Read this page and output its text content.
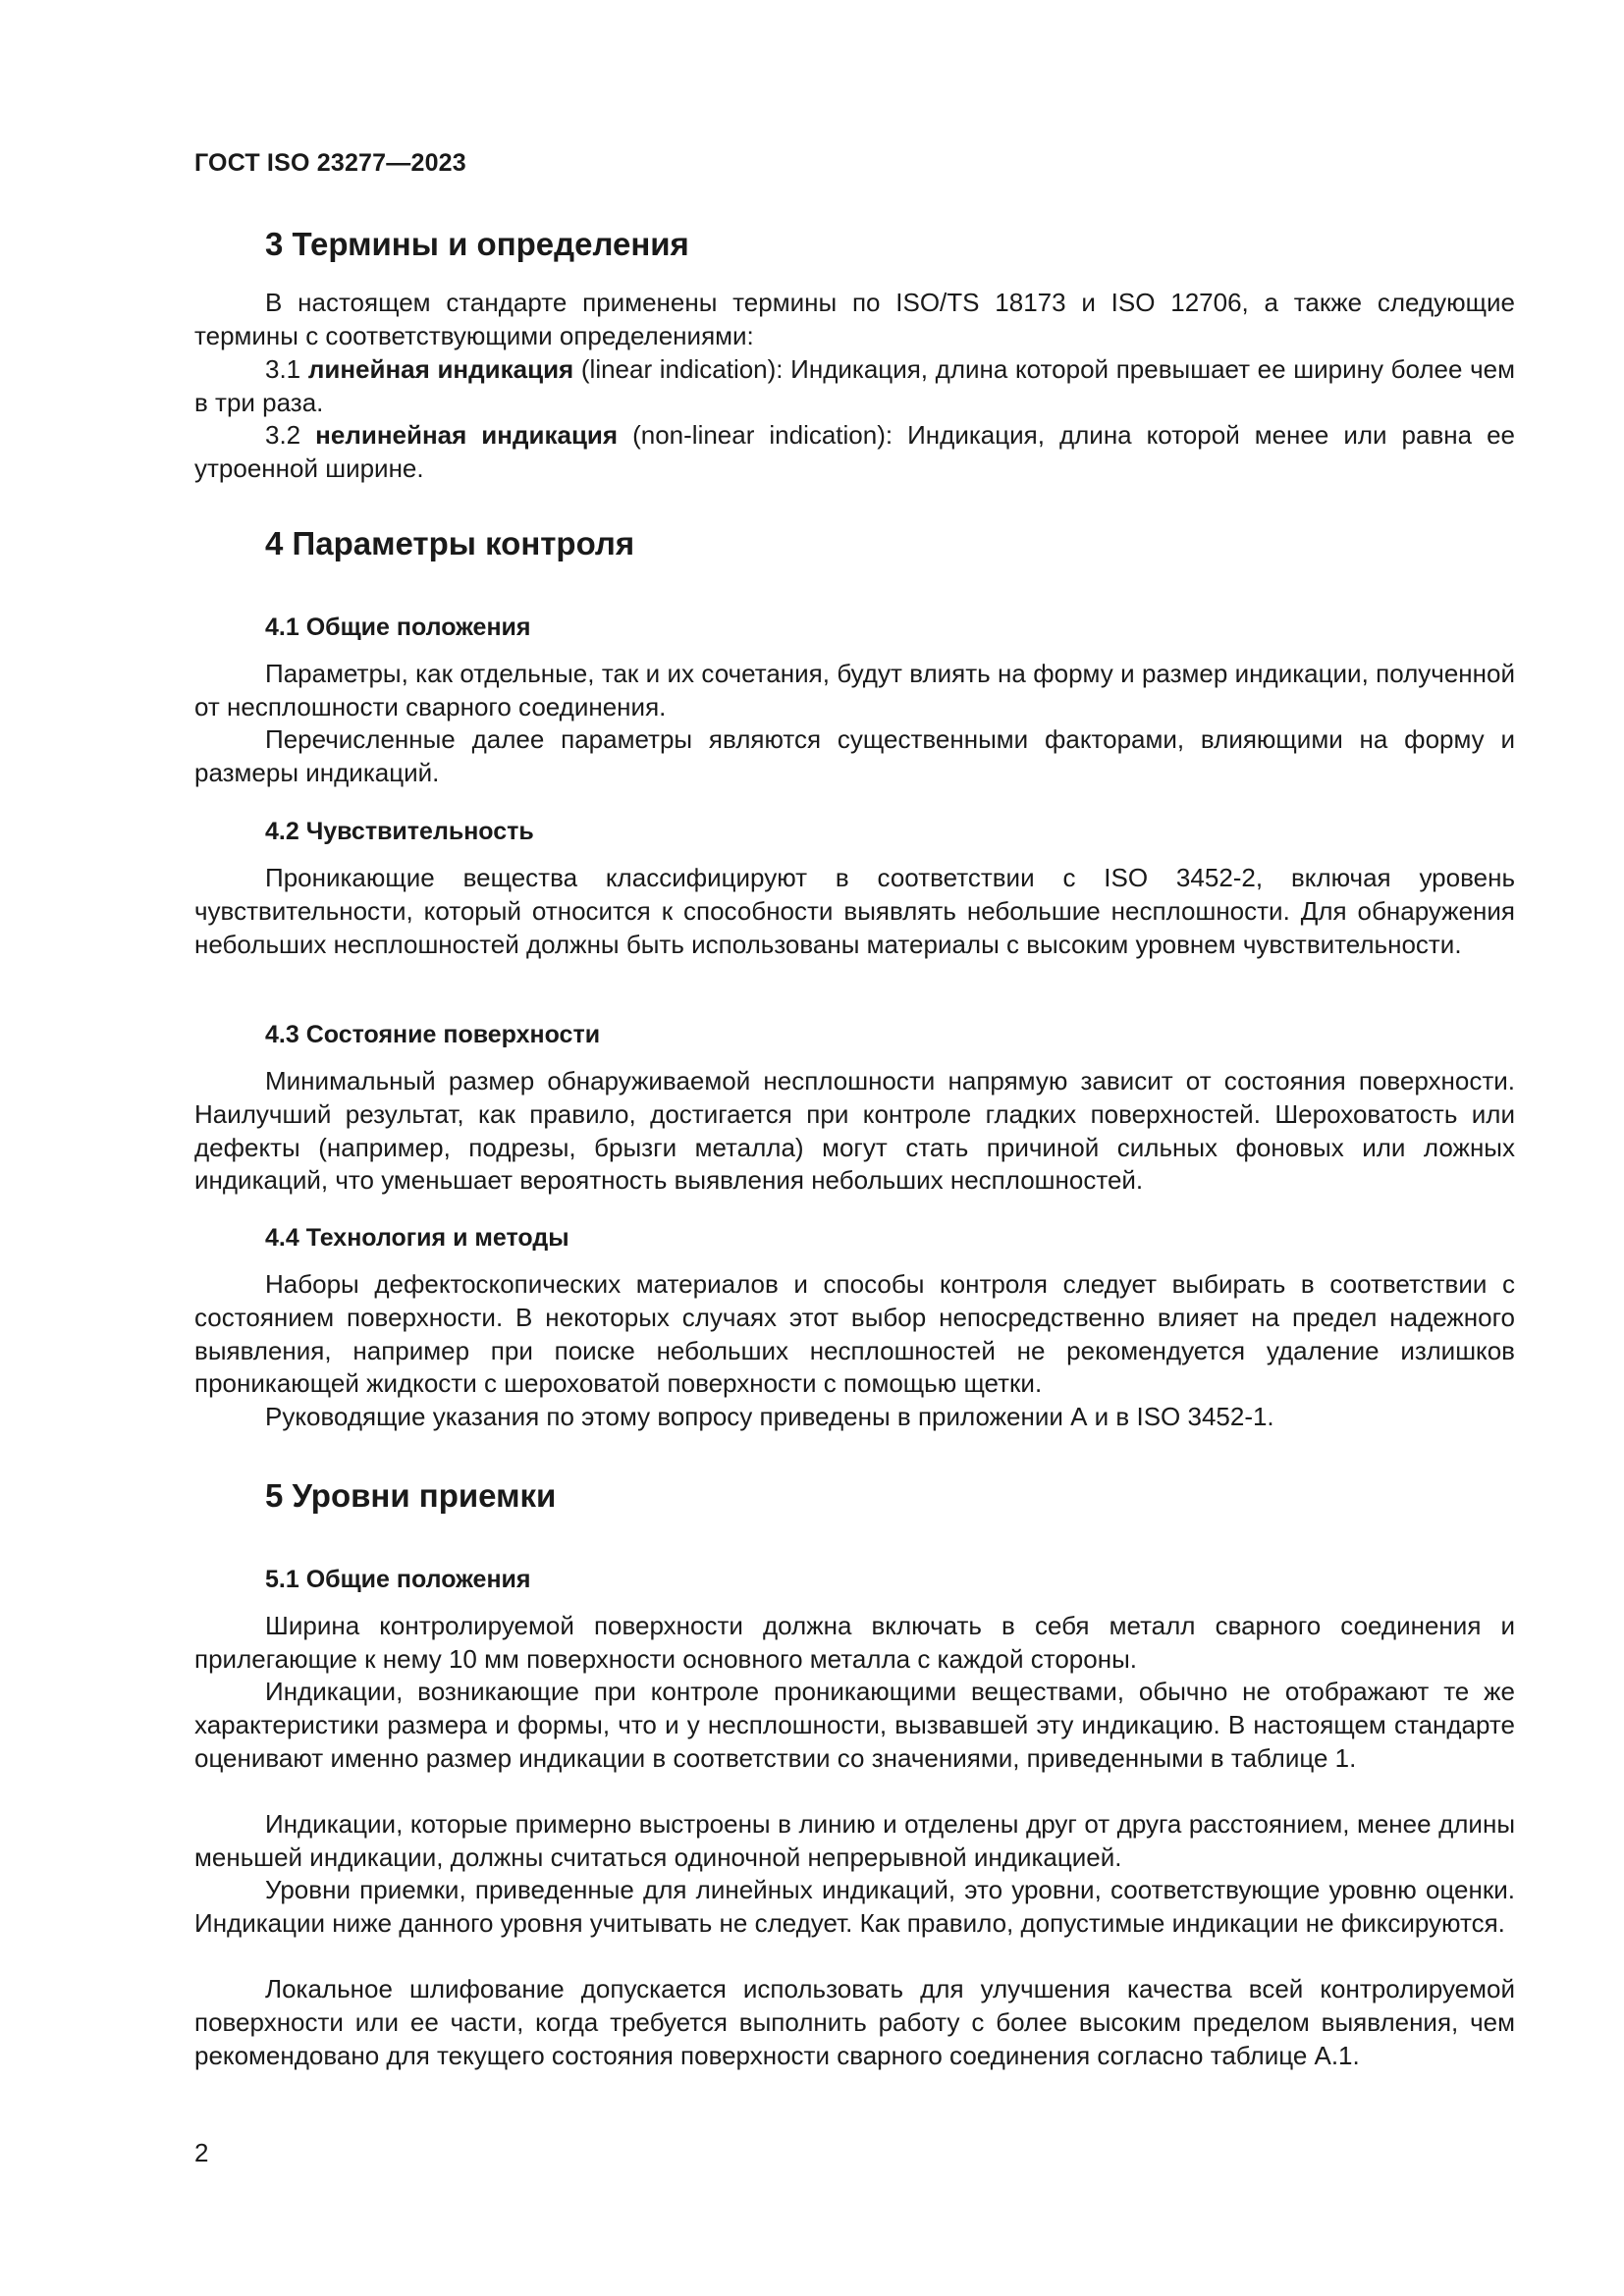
ГОСТ ISO 23277—2023
3 Термины и определения

В настоящем стандарте применены термины по ISO/TS 18173 и ISO 12706, а также следующие термины с соответствующими определениями:

3.1 линейная индикация (linear indication): Индикация, длина которой превышает ее ширину более чем в три раза.

3.2 нелинейная индикация (non-linear indication): Индикация, длина которой менее или равна ее утроенной ширине.

4 Параметры контроля
4.1 Общие положения

Параметры, как отдельные, так и их сочетания, будут влиять на форму и размер индикации, полученной от несплошности сварного соединения.

Перечисленные далее параметры являются существенными факторами, влияющими на форму и размеры индикаций.

4.2 Чувствительность

Проникающие вещества классифицируют в соответствии с ISO 3452-2, включая уровень чувствительности, который относится к способности выявлять небольшие несплошности. Для обнаружения небольших несплошностей должны быть использованы материалы с высоким уровнем чувствительности.

4.3 Состояние поверхности

Минимальный размер обнаруживаемой несплошности напрямую зависит от состояния поверхности. Наилучший результат, как правило, достигается при контроле гладких поверхностей. Шероховатость или дефекты (например, подрезы, брызги металла) могут стать причиной сильных фоновых или ложных индикаций, что уменьшает вероятность выявления небольших несплошностей.

4.4 Технология и методы

Наборы дефектоскопических материалов и способы контроля следует выбирать в соответствии с состоянием поверхности. В некоторых случаях этот выбор непосредственно влияет на предел надежного выявления, например при поиске небольших несплошностей не рекомендуется удаление излишков проникающей жидкости с шероховатой поверхности с помощью щетки.

Руководящие указания по этому вопросу приведены в приложении А и в ISO 3452-1.

5 Уровни приемки
5.1 Общие положения

Ширина контролируемой поверхности должна включать в себя металл сварного соединения и прилегающие к нему 10 мм поверхности основного металла с каждой стороны.

Индикации, возникающие при контроле проникающими веществами, обычно не отображают те же характеристики размера и формы, что и у несплошности, вызвавшей эту индикацию. В настоящем стандарте оценивают именно размер индикации в соответствии со значениями, приведенными в таблице 1.

Индикации, которые примерно выстроены в линию и отделены друг от друга расстоянием, менее длины меньшей индикации, должны считаться одиночной непрерывной индикацией.

Уровни приемки, приведенные для линейных индикаций, это уровни, соответствующие уровню оценки. Индикации ниже данного уровня учитывать не следует. Как правило, допустимые индикации не фиксируются.

Локальное шлифование допускается использовать для улучшения качества всей контролируемой поверхности или ее части, когда требуется выполнить работу с более высоким пределом выявления, чем рекомендовано для текущего состояния поверхности сварного соединения согласно таблице А.1.

2
